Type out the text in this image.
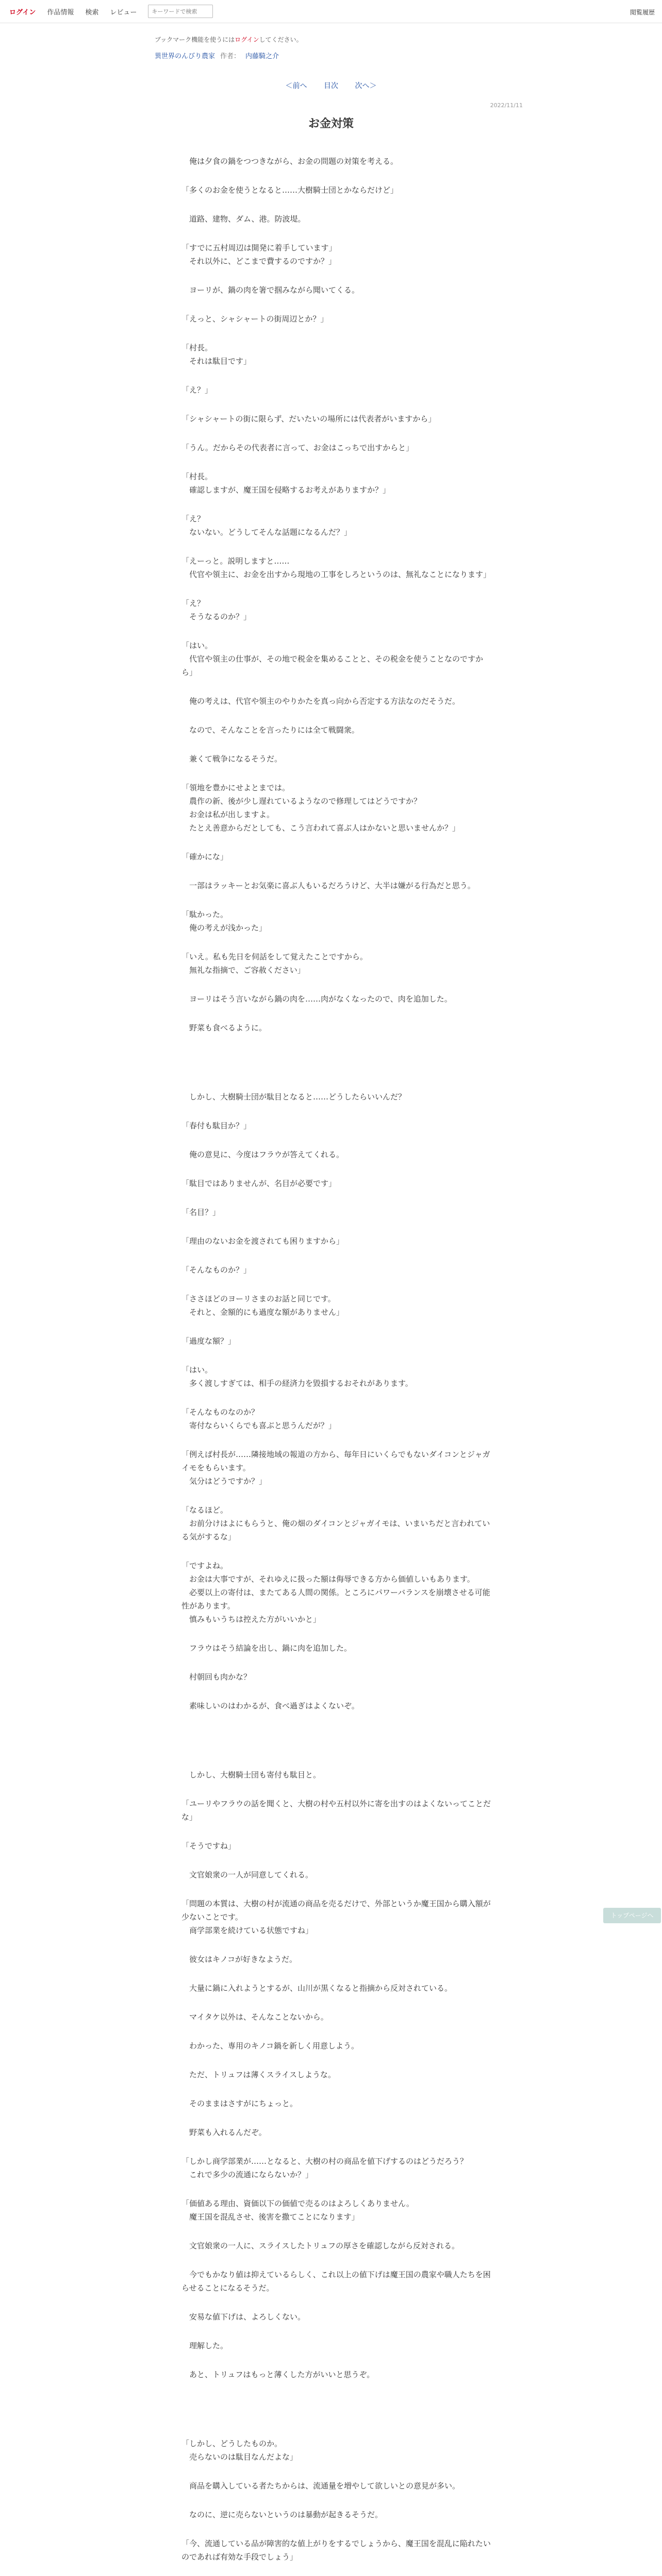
ログイン 作品情報 検索 レビュー
キーワードで検索	閲覧履歴
ブックマーク機能を使うにはログインしてください。
異世界のんびり農家 作者： 内藤騎之介
＜前へ 目次 次へ＞
2022/11/11
お金対策

　俺は夕食の鍋をつつきながら、お金の問題の対策を考える。

「多くのお金を使うとなると……大樹騎士団とかならだけど」

　道路、建物、ダム、港。防波堤。

「すでに五村周辺は開発に着手しています」
　それ以外に、どこまで費するのですか？」

　ヨーリが、鍋の肉を箸で掴みながら聞いてくる。

「えっと、シャシャートの街周辺とか？」

「村長。
　それは駄目です」

「え？」

「シャシャートの街に限らず、だいたいの場所には代表者がいますから」

「うん。だからその代表者に言って、お金はこっちで出すからと」

「村長。
　確認しますが、魔王国を侵略するお考えがありますか？」

「え？
　ないない。どうしてそんな話題になるんだ？」

「えーっと。説明しますと……
　代官や領主に、お金を出すから現地の工事をしろというのは、無礼なことになります」

「え？
　そうなるのか？」

「はい。
　代官や領主の仕事が、その地で税金を集めることと、その税金を使うことなのですから」

　俺の考えは、代官や領主のやりかたを真っ向から否定する方法なのだそうだ。

　なので、そんなことを言ったりには全て戦闘衆。

　兼くて戦争になるそうだ。

「領地を豊かにせよとまでは。
　農作の新、後が少し遅れているようなので修理してはどうですか？
　お金は私が出しますよ。
　たとえ善意からだとしても、こう言われて喜ぶ人はかないと思いませんか？」

「確かにな」

　一部はラッキーとお気楽に喜ぶ人もいるだろうけど、大半は嫌がる行為だと思う。

「駄かった。
　俺の考えが浅かった」

「いえ。私も先日を伺話をして覚えたことですから。
　無礼な指摘で、ご容赦ください」

　ヨーリはそう言いながら鍋の肉を……肉がなくなったので、肉を追加した。

　野菜も食べるように。

　しかし、大樹騎士団が駄目となると……どうしたらいいんだ？

「春付も駄目か？」

　俺の意見に、今度はフラウが答えてくれる。

「駄目ではありませんが、名目が必要です」

「名目？」

「理由のないお金を渡されても困りますから」

「そんなものか？」

「ささほどのヨーリさまのお話と同じです。
　それと、金額的にも過度な額がありません」

「過度な額？」

「はい。
　多く渡しすぎては、相手の経済力を毀損するおそれがあります。

「そんなものなのか？
　寄付ならいくらでも喜ぶと思うんだが？」

「例えば村長が……隣接地域の報道の方から、毎年日にいくらでもないダイコンとジャガイモをもらいます。
　気分はどうですか？」

「なるほど。
　お前分けはよにもらうと、俺の畑のダイコンとジャガイモは、いまいちだと言われている気がするな」

「ですよね。
　お金は大事ですが、それゆえに扱った額は侮辱できる方から価値しいもあります。
　必要以上の寄付は、またてある人間の関係。ところにパワーバランスを崩壊させる可能性があります。
　慎みもいうちは控えた方がいいかと」

　フラウはそう結論を出し、鍋に肉を追加した。

　村朝回も肉かな？

　素味しいのはわかるが、食べ過ぎはよくないぞ。

　しかし、大樹騎士団も寄付も駄目と。

「ユーリやフラウの話を聞くと、大樹の村や五村以外に寄を出すのはよくないってことだな」

「そうですね」

　文官娘衆の一人が同意してくれる。

「問題の本質は、大樹の村が流通の商品を売るだけで、外部というか魔王国から購入額が少ないことです。
　商学部業を続けている状態ですね」

　彼女はキノコが好きなようだ。

　大量に鍋に入れようとするが、山川が黒くなると指摘から反対されている。

　マイタケ以外は、そんなことないから。

　わかった、専用のキノコ鍋を新しく用意しよう。

　ただ、トリュフは薄くスライスしような。

　そのままはさすがにちょっと。

　野菜も入れるんだぞ。

「しかし商学部業が……となると、大樹の村の商品を値下げするのはどうだろう？
　これで多少の流通にならないか？」

「価値ある理由、資価以下の価値で売るのはよろしくありません。
　魔王国を混乱させ、後害を撒てことになります」

　文官娘衆の一人に、スライスしたトリュフの厚さを確認しながら反対される。

　今でもかなり値は抑えているらしく、これ以上の値下げは魔王国の農家や職人たちを困らせることになるそうだ。

　安易な値下げは、よろしくない。

　理解した。

　あと、トリュフはもっと薄くした方がいいと思うぞ。

「しかし、どうしたものか。
　売らないのは駄目なんだよな」

　商品を購入している者たちからは、流通量を増やして欲しいとの意見が多い。

　なのに、逆に売らないというのは暴動が起きるそうだ。

「今、流通している品が障害的な値上がりをするでしょうから、魔王国を混乱に陥れたいのであれば有効な手段でしょう」

トップページへ
